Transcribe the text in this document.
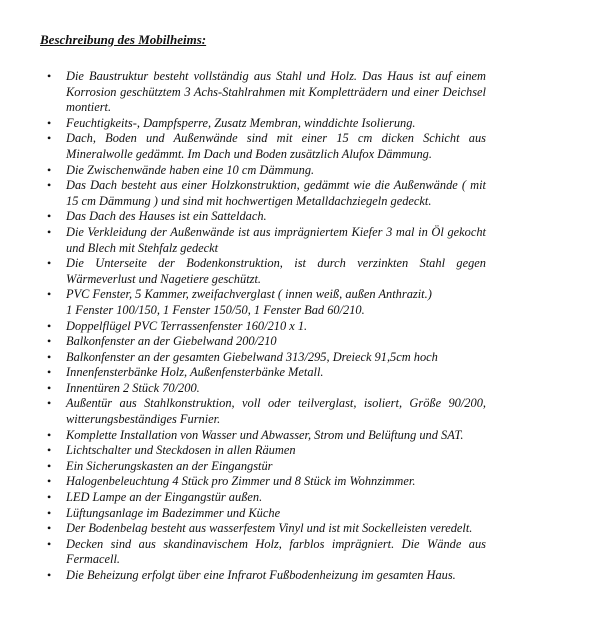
Beschreibung des Mobilheims:
• Die Baustruktur besteht vollständig aus Stahl und Holz. Das Haus ist auf einem Korrosion geschütztem 3 Achs-Stahlrahmen mit Kompletträdern und einer Deichsel montiert.
• Feuchtigkeits-, Dampfsperre, Zusatz Membran, winddichte Isolierung.
• Dach, Boden und Außenwände sind mit einer 15 cm dicken Schicht aus Mineralwolle gedämmt. Im Dach und Boden zusätzlich Alufox Dämmung.
• Die Zwischenwände haben eine 10 cm Dämmung.
• Das Dach besteht aus einer Holzkonstruktion, gedämmt wie die Außenwände ( mit 15 cm Dämmung ) und sind mit hochwertigen Metalldachziegeln gedeckt.
• Das Dach des Hauses ist ein Satteldach.
• Die Verkleidung der Außenwände ist aus imprägniertem Kiefer 3 mal in Öl gekocht und Blech mit Stehfalz gedeckt
• Die Unterseite der Bodenkonstruktion, ist durch verzinkten Stahl gegen Wärmeverlust und Nagetiere geschützt.
• PVC Fenster, 5 Kammer, zweifachverglast ( innen weiß, außen Anthrazit.)
1 Fenster 100/150, 1 Fenster 150/50, 1 Fenster Bad 60/210.
• Doppelflügel PVC Terrassenfenster 160/210 x 1.
• Balkonfenster an der Giebelwand 200/210
• Balkonfenster an der gesamten Giebelwand 313/295, Dreieck 91,5cm hoch
• Innenfensterbänke Holz, Außenfensterbänke Metall.
• Innentüren 2 Stück 70/200.
• Außentür aus Stahlkonstruktion, voll oder teilverglast, isoliert, Größe 90/200, witterungsbeständiges Furnier.
• Komplette Installation von Wasser und Abwasser, Strom und Belüftung und SAT.
• Lichtschalter und Steckdosen in allen Räumen
• Ein Sicherungskasten an der Eingangstür
• Halogenbeleuchtung 4 Stück pro Zimmer und 8 Stück im Wohnzimmer.
• LED Lampe an der Eingangstür außen.
• Lüftungsanlage im Badezimmer und Küche
• Der Bodenbelag besteht aus wasserfestem Vinyl und ist mit Sockelleisten veredelt.
• Decken sind aus skandinavischem Holz, farblos imprägniert. Die Wände aus Fermacell.
• Die Beheizung erfolgt über eine Infrarot Fußbodenheizung im gesamten Haus.
